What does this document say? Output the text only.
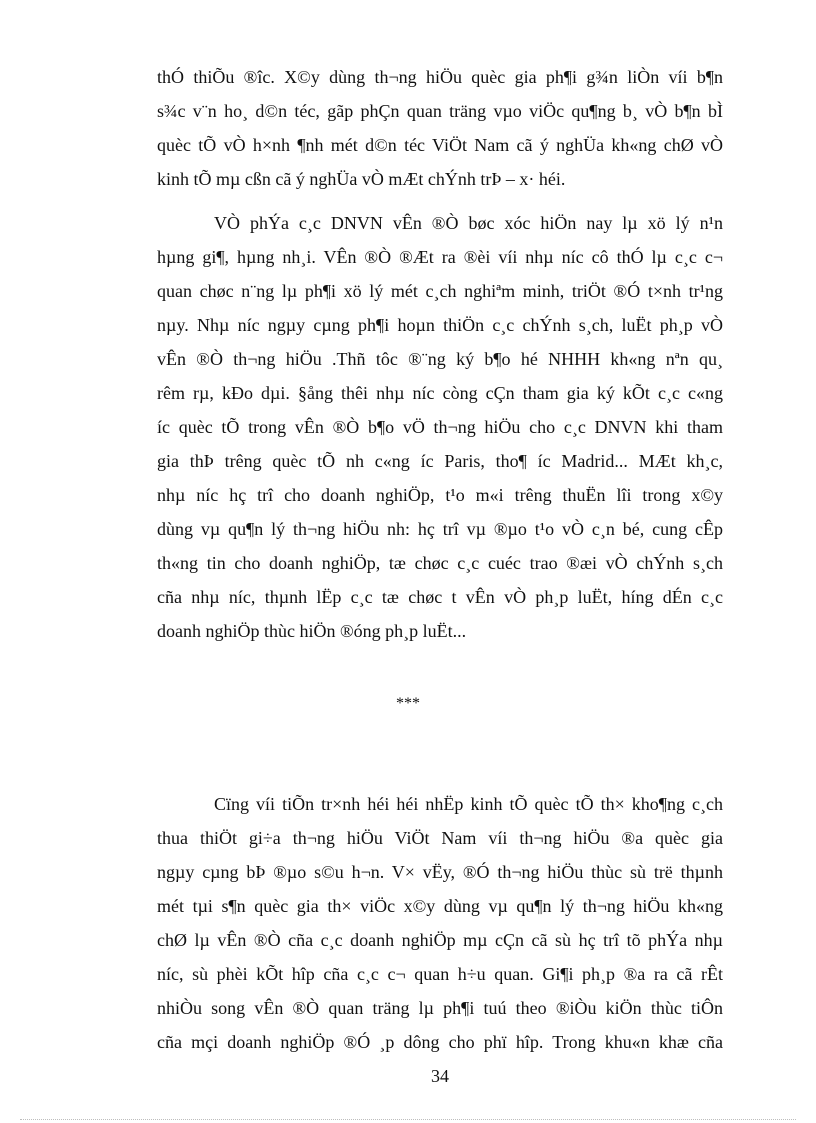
thÓ thiÕu ®îc. X©y dùng th¬ng hiÖu quèc gia ph¶i g¾n liÒn víi b¶n
s¾c v¨n ho¸ d©n téc, gãp phÇn quan träng vµo viÖc qu¶ng b¸ vÒ b¶n bÌ
quèc tÕ vÒ h×nh ¶nh mét d©n téc ViÖt Nam cã ý nghÜa kh«ng chØ vÒ
kinh tÕ mµ cßn cã ý nghÜa vÒ mÆt chÝnh trÞ – x· héi.
VÒ phÝa c¸c DNVN vÊn ®Ò bøc xóc hiÖn nay lµ xö lý n¹n
hµng gi¶, hµng nh¸i. VÊn ®Ò ®Æt ra ®èi víi nhµ níc cô thÓ lµ c¸c c¬
quan chøc n¨ng lµ ph¶i xö lý mét c¸ch nghiªm minh, triÖt ®Ó t×nh tr¹ng
nµy. Nhµ níc ngµy cµng ph¶i hoµn thiÖn c¸c chÝnh s¸ch, luËt ph¸p vÒ
vÊn ®Ò th¬ng hiÖu .Thñ tôc ®¨ng ký b¶o hé NHHH kh«ng nªn qu¸
rêm rµ, kÐo dµi. §ång thêi nhµ níc còng cÇn tham gia ký kÕt c¸c c«ng
íc quèc tÕ trong vÊn ®Ò b¶o vÖ th¬ng hiÖu cho c¸c DNVN khi tham
gia thÞ trêng quèc tÕ nh c«ng íc Paris, tho¶ íc Madrid... MÆt kh¸c,
nhµ níc hç trî cho doanh nghiÖp, t¹o m«i trêng thuËn lîi trong x©y
dùng vµ qu¶n lý th¬ng hiÖu nh: hç trî vµ ®µo t¹o vÒ c¸n bé, cung cÊp
th«ng tin cho doanh nghiÖp, tæ chøc c¸c cuéc trao ®æi vÒ chÝnh s¸ch
cña nhµ níc, thµnh lËp c¸c tæ chøc t vÊn vÒ ph¸p luËt, híng dÉn c¸c
doanh nghiÖp thùc hiÖn ®óng ph¸p luËt...
***
Cïng víi tiÕn tr×nh héi héi nhËp kinh tÕ quèc tÕ th× kho¶ng c¸ch
thua thiÖt gi÷a th¬ng hiÖu ViÖt Nam víi th¬ng hiÖu ®a quèc gia
ngµy cµng bÞ ®µo s©u h¬n. V× vËy, ®Ó th¬ng hiÖu thùc sù trë thµnh
mét tµi s¶n quèc gia th× viÖc x©y dùng vµ qu¶n lý th¬ng hiÖu kh«ng
chØ lµ vÊn ®Ò cña c¸c doanh nghiÖp mµ cÇn cã sù hç trî tõ phÝa nhµ
níc, sù phèi kÕt hîp cña c¸c c¬ quan h÷u quan. Gi¶i ph¸p ®a ra cã rÊt
nhiÒu song vÊn ®Ò quan träng lµ ph¶i tuú theo ®iÒu kiÖn thùc tiÔn
cña mçi doanh nghiÖp ®Ó ¸p dông cho phï hîp. Trong khu«n khæ cña
34
